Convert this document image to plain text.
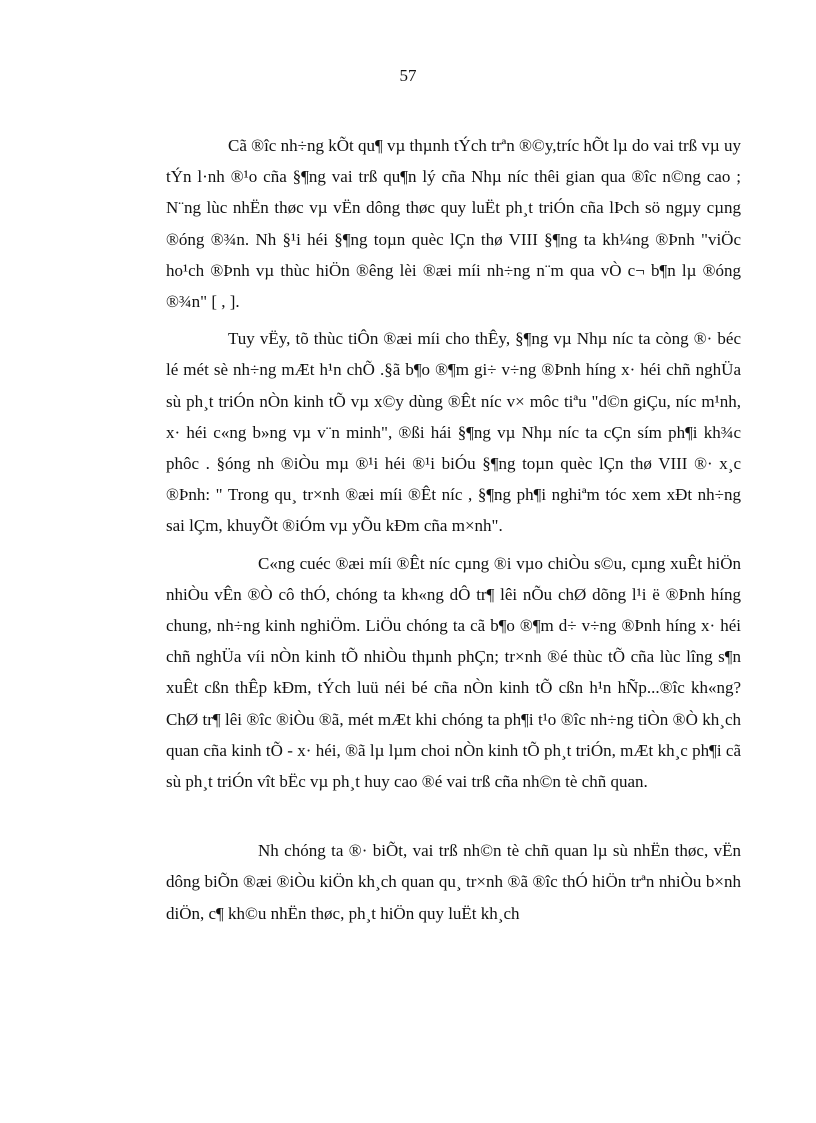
57

Cã ®îc nh÷ng kÕt qu¶ vµ thµnh tÝch trªn ®©y,tríc hÕt lµ do vai trß vµ uy tÝn l·nh ®¹o cña §¶ng vai trß qu¶n lý cña Nhµ níc thêi gian qua ®îc n©ng cao ; N¨ng lùc nhËn thøc vµ vËn dông thøc quy luËt ph¸t triÓn cña lÞch sö ngµy cµng ®óng ®¾n. Nh §¹i héi §¶ng toµn quèc lÇn thø VIII §¶ng ta kh¼ng ®Þnh "viÖc ho¹ch ®Þnh vµ thùc hiÖn ®êng lèi ®æi míi nh÷ng n¨m qua vÒ c¬ b¶n lµ ®óng ®¾n" [ , ].

Tuy vËy, tõ thùc tiÔn ®æi míi cho thÊy, §¶ng vµ Nhµ níc ta còng ®· béc lé mét sè nh÷ng mÆt h¹n chÕ .§ã b¶o ®¶m gi÷ v÷ng ®Þnh híng x· héi chñ nghÜa sù ph¸t triÓn nÒn kinh tÕ vµ x©y dùng ®Êt níc v× môc tiªu "d©n giÇu, níc m¹nh, x· héi c«ng b»ng vµ v¨n minh", ®ßi hái §¶ng vµ Nhµ níc ta cÇn sím ph¶i kh¾c phôc . §óng nh ®iÒu mµ ®¹i héi ®¹i biÓu §¶ng toµn quèc lÇn thø VIII ®· x¸c ®Þnh: " Trong qu¸ tr×nh ®æi míi ®Êt níc , §¶ng ph¶i nghiªm tóc xem xÐt nh÷ng sai lÇm, khuyÕt ®iÓm vµ yÕu kÐm cña m×nh".

C«ng cuéc ®æi míi ®Êt níc cµng ®i vµo chiÒu s©u, cµng xuÊt hiÖn nhiÒu vÊn ®Ò cô thÓ, chóng ta kh«ng dÔ tr¶ lêi nÕu chØ dõng l¹i ë ®Þnh híng chung, nh÷ng kinh nghiÖm. LiÖu chóng ta cã b¶o ®¶m d÷ v÷ng ®Þnh híng x· héi chñ nghÜa víi nÒn kinh tÕ nhiÒu thµnh phÇn; tr×nh ®é thùc tÕ cña lùc lîng s¶n xuÊt cßn thÊp kÐm, tÝch luü néi bé cña nÒn kinh tÕ cßn h¹n hÑp...®îc kh«ng? ChØ tr¶ lêi ®îc ®iÒu ®ã, mét mÆt khi chóng ta ph¶i t¹o ®îc nh÷ng tiÒn ®Ò kh¸ch quan cña kinh tÕ - x· héi, ®ã lµ lµm choi nÒn kinh tÕ ph¸t triÓn, mÆt kh¸c ph¶i cã sù ph¸t triÓn vît bËc vµ ph¸t huy cao ®é vai trß cña nh©n tè chñ quan.

Nh chóng ta ®· biÕt, vai trß nh©n tè chñ quan lµ sù nhËn thøc, vËn dông biÕn ®æi ®iÒu kiÖn kh¸ch quan qu¸ tr×nh ®ã ®îc thÓ hiÖn trªn nhiÒu b×nh diÖn, c¶ kh©u nhËn thøc, ph¸t hiÖn quy luËt kh¸ch
